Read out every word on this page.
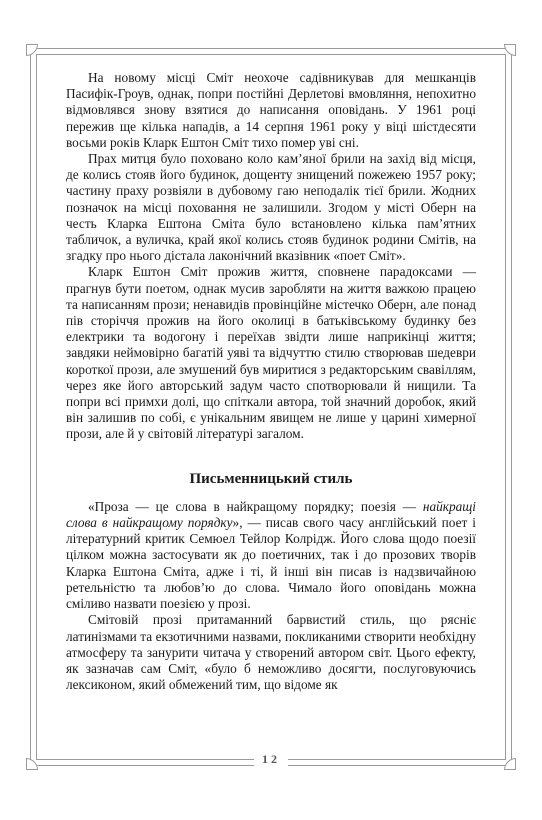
На новому місці Сміт неохоче садівникував для мешканців Пасифік-Гроув, однак, попри постійні Дерлетові вмовляння, непохитно відмовлявся знову взятися до написання оповідань. У 1961 році пережив ще кілька нападів, а 14 серпня 1961 року у віці шістдесяти восьми років Кларк Ештон Сміт тихо помер уві сні.

Прах митця було поховано коло кам’яної брили на захід від місця, де колись стояв його будинок, дощенту знищений пожежею 1957 року; частину праху розвіяли в дубовому гаю неподалік тієї брили. Жодних позначок на місці поховання не залишили. Згодом у місті Оберн на честь Кларка Ештона Сміта було встановлено кілька пам’ятних табличок, а вуличка, край якої колись стояв будинок родини Смітів, на згадку про нього дістала лаконічний вказівник «поет Сміт».

Кларк Ештон Сміт прожив життя, сповнене парадоксами — прагнув бути поетом, однак мусив заробляти на життя важкою працею та написанням прози; ненавидів провінційне містечко Оберн, але понад пів сторіччя прожив на його околиці в батьківському будинку без електрики та водогону і переїхав звідти лише наприкінці життя; завдяки неймовірно багатій уяві та відчуттю стилю створював шедеври короткої прози, але змушений був миритися з редакторським свавіллям, через яке його авторський задум часто спотворювали й нищили. Та попри всі примхи долі, що спіткали автора, той значний доробок, який він залишив по собі, є унікальним явищем не лише у царині химерної прози, але й у світовій літературі загалом.

Письменницький стиль

«Проза — це слова в найкращому порядку; поезія — найкращі слова в найкращому порядку», — писав свого часу англійський поет і літературний критик Семюел Тейлор Колрідж. Його слова щодо поезії цілком можна застосувати як до поетичних, так і до прозових творів Кларка Ештона Сміта, адже і ті, й інші він писав із надзвичайною ретельністю та любов’ю до слова. Чимало його оповідань можна сміливо назвати поезією у прозі.

Смітовій прозі притаманний барвистий стиль, що рясніє латинізмами та екзотичними назвами, покликаними створити необхідну атмосферу та занурити читача у створений автором світ. Цього ефекту, як зазначав сам Сміт, «було б неможливо досягти, послуговуючись лексиконом, який обмежений тим, що відоме як

12
